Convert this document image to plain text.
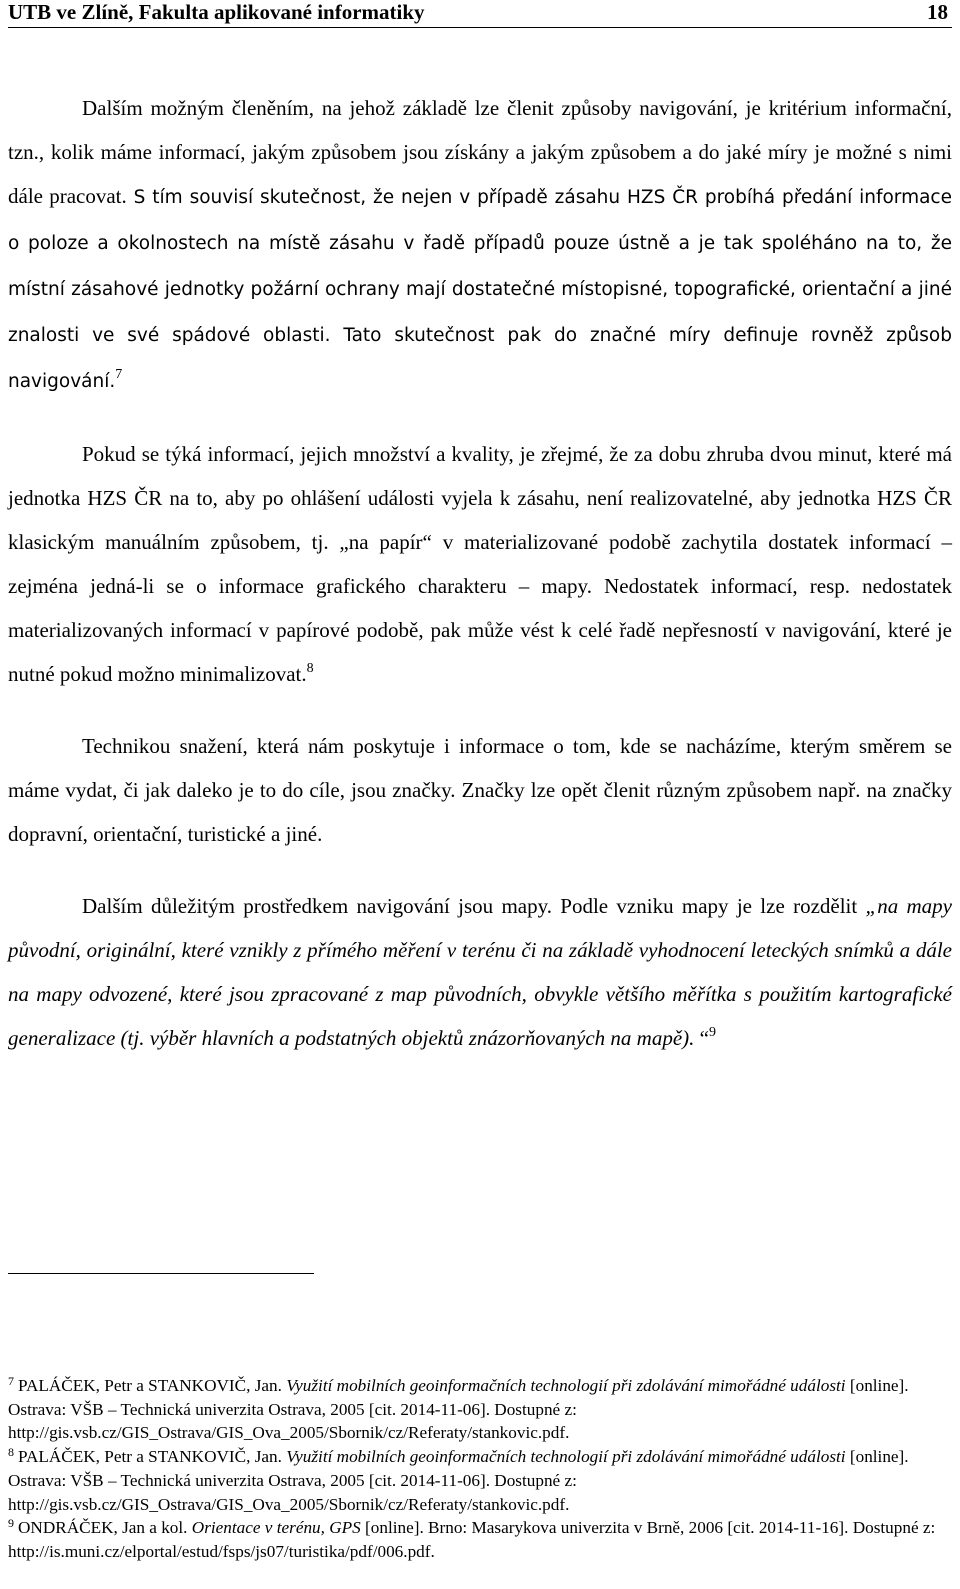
UTB ve Zlíně, Fakulta aplikované informatiky	18

Dalším možným členěním, na jehož základě lze členit způsoby navigování, je kritérium informační, tzn., kolik máme informací, jakým způsobem jsou získány a jakým způsobem a do jaké míry je možné s nimi dále pracovat. S tím souvisí skutečnost, že nejen v případě zásahu HZS ČR probíhá předání informace o poloze a okolnostech na místě zásahu v řadě případů pouze ústně a je tak spoléháno na to, že místní zásahové jednotky požární ochrany mají dostatečné místopisné, topografické, orientační a jiné znalosti ve své spádové oblasti. Tato skutečnost pak do značné míry definuje rovněž způsob navigování.$^7$

Pokud se týká informací, jejich množství a kvality, je zřejmé, že za dobu zhruba dvou minut, které má jednotka HZS ČR na to, aby po ohlášení události vyjela k zásahu, není realizovatelné, aby jednotka HZS ČR klasickým manuálním způsobem, tj. „na papír“ v materializované podobě zachytila dostatek informací – zejména jedná-li se o informace grafického charakteru – mapy. Nedostatek informací, resp. nedostatek materializovaných informací v papírové podobě, pak může vést k celé řadě nepřesností v navigování, které je nutné pokud možno minimalizovat.$^8$

Technikou snažení, která nám poskytuje i informace o tom, kde se nacházíme, kterým směrem se máme vydat, či jak daleko je to do cíle, jsou značky. Značky lze opět členit různým způsobem např. na značky dopravní, orientační, turistické a jiné.

Dalším důležitým prostředkem navigování jsou mapy. Podle vzniku mapy je lze rozdělit „na mapy původní, originální, které vznikly z přímého měření v terénu či na základě vyhodnocení leteckých snímků a dále na mapy odvozené, které jsou zpracované z map původních, obvykle většího měřítka s použitím kartografické generalizace (tj. výběr hlavních a podstatných objektů znázorňovaných na mapě). “$^9$

$^7$ PALÁČEK, Petr a STANKOVIČ, Jan. Využití mobilních geoinformačních technologií při zdolávání mimořádné události [online]. Ostrava: VŠB – Technická univerzita Ostrava, 2005 [cit. 2014-11-06]. Dostupné z: http://gis.vsb.cz/GIS_Ostrava/GIS_Ova_2005/Sbornik/cz/Referaty/stankovic.pdf.

$^8$ PALÁČEK, Petr a STANKOVIČ, Jan. Využití mobilních geoinformačních technologií při zdolávání mimořádné události [online]. Ostrava: VŠB – Technická univerzita Ostrava, 2005 [cit. 2014-11-06]. Dostupné z: http://gis.vsb.cz/GIS_Ostrava/GIS_Ova_2005/Sbornik/cz/Referaty/stankovic.pdf.

$^9$ ONDRÁČEK, Jan a kol. Orientace v terénu, GPS [online]. Brno: Masarykova univerzita v Brně, 2006 [cit. 2014-11-16]. Dostupné z: http://is.muni.cz/elportal/estud/fsps/js07/turistika/pdf/006.pdf.
